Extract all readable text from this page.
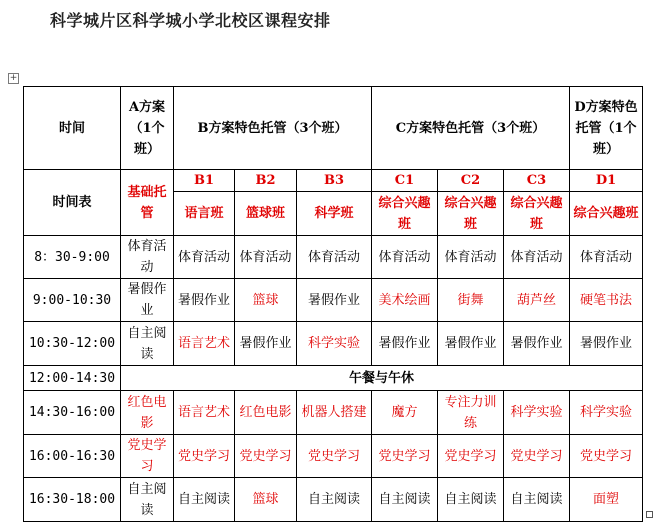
科学城片区科学城小学北校区课程安排
+
时间	A方案（1个班）	B方案特色托管（3个班）			C方案特色托管（3个班）			D方案特色托管（1个班）
时间表	基础托管	B1	B2	B3	C1	C2	C3	D1
		语言班	篮球班	科学班	综合兴趣班	综合兴趣班	综合兴趣班	综合兴趣班
8：30-9:00	体育活动	体育活动	体育活动	体育活动	体育活动	体育活动	体育活动	体育活动
9:00-10:30	暑假作业	暑假作业	篮球	暑假作业	美术绘画	街舞	葫芦丝	硬笔书法
10:30-12:00	自主阅读	语言艺术	暑假作业	科学实验	暑假作业	暑假作业	暑假作业	暑假作业
12:00-14:30	午餐与午休							
14:30-16:00	红色电影	语言艺术	红色电影	机器人搭建	魔方	专注力训练	科学实验	科学实验
16:00-16:30	党史学习	党史学习	党史学习	党史学习	党史学习	党史学习	党史学习	党史学习
16:30-18:00	自主阅读	自主阅读	篮球	自主阅读	自主阅读	自主阅读	自主阅读	面塑
